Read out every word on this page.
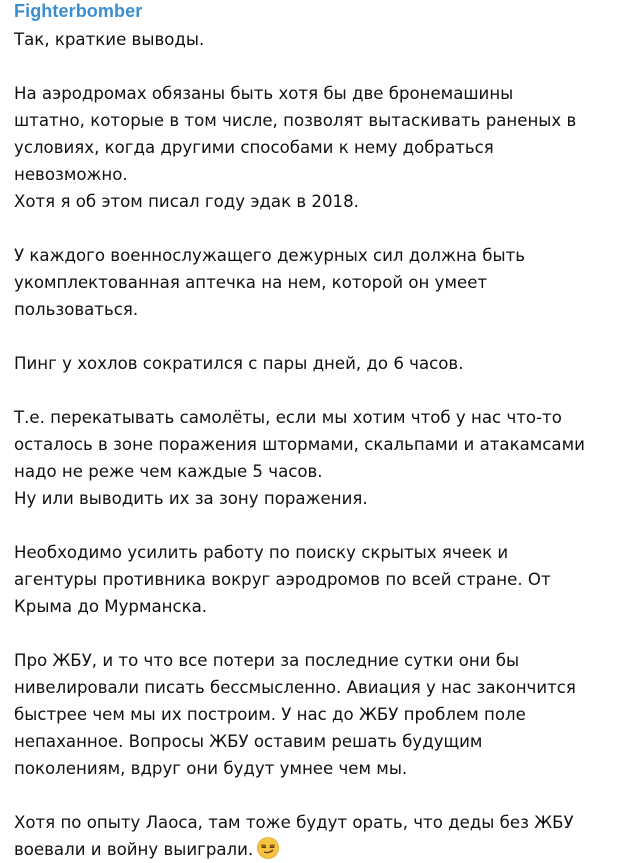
Fighterbomber
Так, краткие выводы.
На аэродромах обязаны быть хотя бы две бронемашины
штатно, которые в том числе, позволят вытаскивать раненых в
условиях, когда другими способами к нему добраться
невозможно.
Хотя я об этом писал году эдак в 2018.
У каждого военнослужащего дежурных сил должна быть
укомплектованная аптечка на нем, которой он умеет
пользоваться.
Пинг у хохлов сократился с пары дней, до 6 часов.
Т.е. перекатывать самолёты, если мы хотим чтоб у нас что-то
осталось в зоне поражения штормами, скальпами и атакамсами
надо не реже чем каждые 5 часов.
Ну или выводить их за зону поражения.
Необходимо усилить работу по поиску скрытых ячеек и
агентуры противника вокруг аэродромов по всей стране. От
Крыма до Мурманска.
Про ЖБУ, и то что все потери за последние сутки они бы
нивелировали писать бессмысленно. Авиация у нас закончится
быстрее чем мы их построим. У нас до ЖБУ проблем поле
непаханное. Вопросы ЖБУ оставим решать будущим
поколениям, вдруг они будут умнее чем мы.
Хотя по опыту Лаоса, там тоже будут орать, что деды без ЖБУ
воевали и войну выиграли.
